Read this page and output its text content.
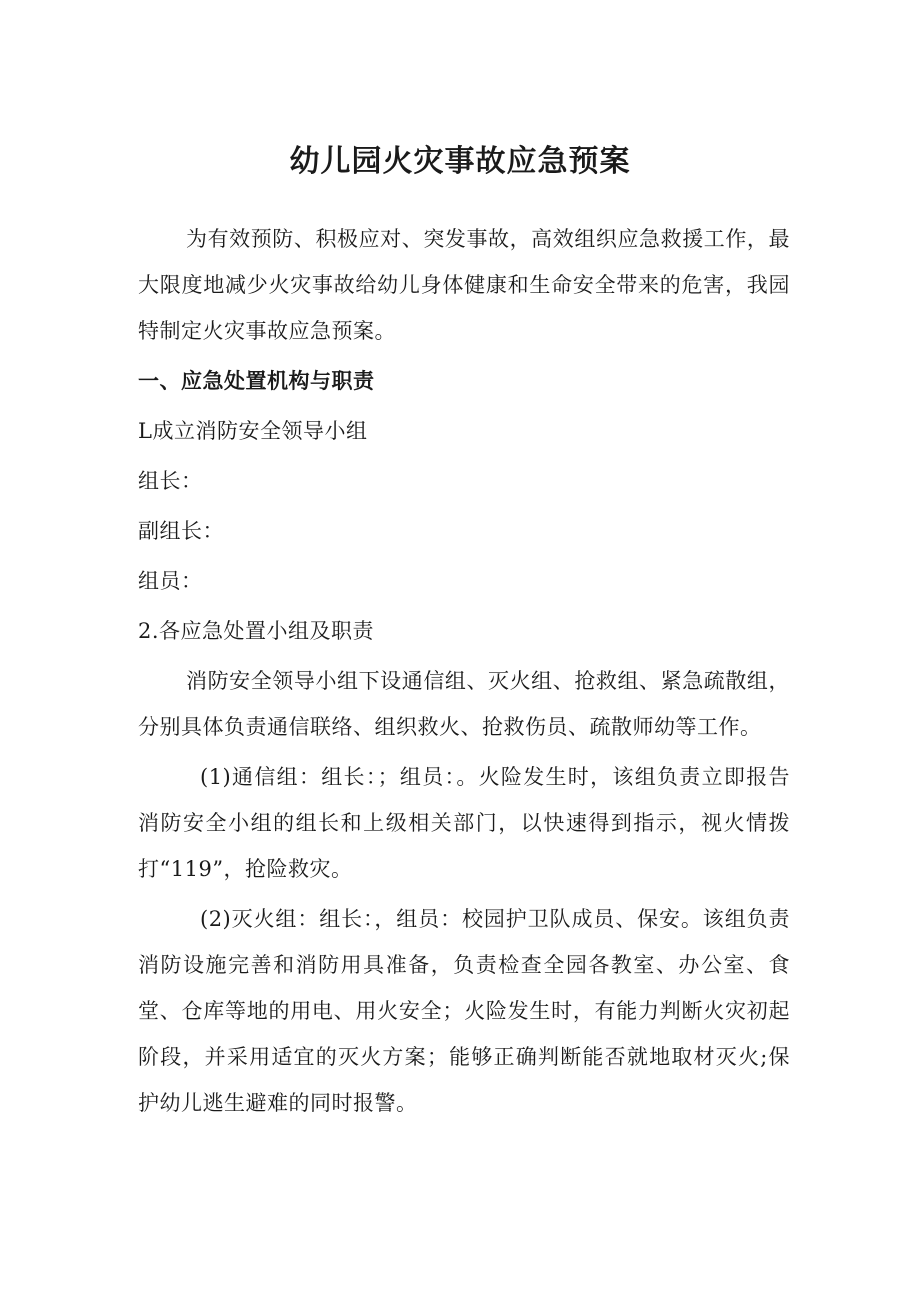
幼儿园火灾事故应急预案

为有效预防、积极应对、突发事故，高效组织应急救援工作，最大限度地减少火灾事故给幼儿身体健康和生命安全带来的危害，我园特制定火灾事故应急预案。

一、应急处置机构与职责

L成立消防安全领导小组

组长：

副组长：

组员：

2.各应急处置小组及职责

消防安全领导小组下设通信组、灭火组、抢救组、紧急疏散组，分别具体负责通信联络、组织救火、抢救伤员、疏散师幼等工作。

(1)通信组：组长：；组员：。火险发生时，该组负责立即报告消防安全小组的组长和上级相关部门，以快速得到指示，视火情拨打“119”，抢险救灾。

(2)灭火组：组长：，组员：校园护卫队成员、保安。该组负责消防设施完善和消防用具准备，负责检查全园各教室、办公室、食堂、仓库等地的用电、用火安全；火险发生时，有能力判断火灾初起阶段，并采用适宜的灭火方案；能够正确判断能否就地取材灭火;保护幼儿逃生避难的同时报警。
